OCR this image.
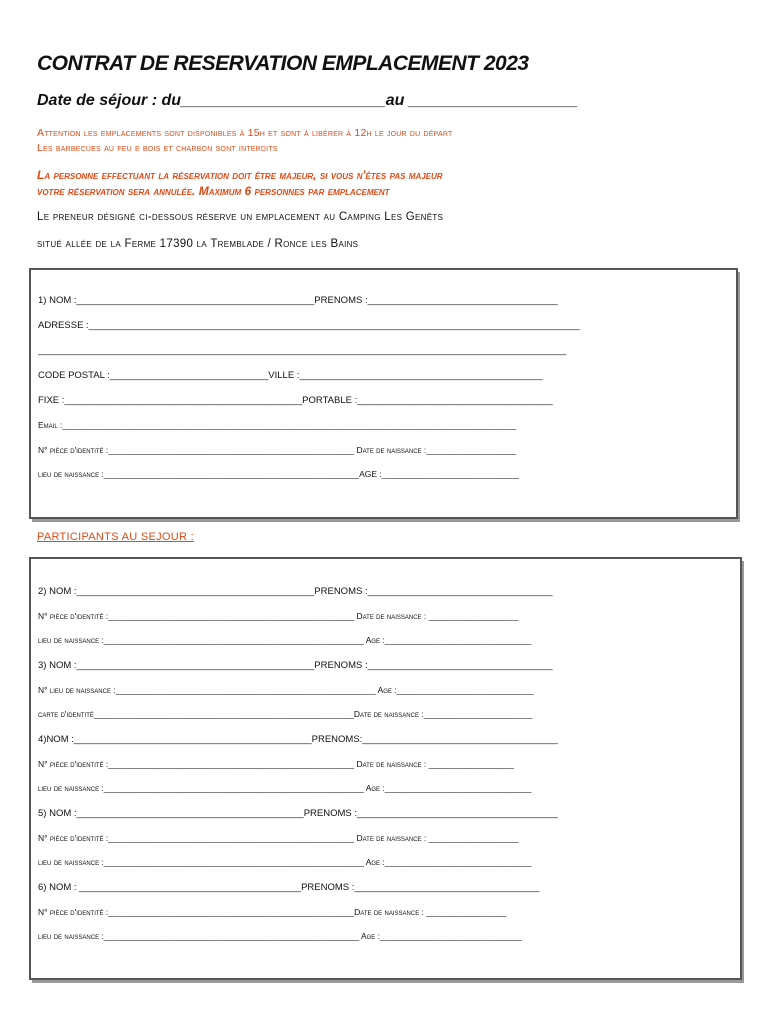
CONTRAT DE RESERVATION EMPLACEMENT 2023
Date de séjour : du_______________________au ___________________
Attention les emplacements sont disponibles à 15h et sont à libérer à 12h le jour du départ
Les barbecues au feu e bois et charbon sont interdits
La personne effectuant la réservation doit être majeur, si vous n'êtes pas majeur
votre réservation sera annulée. Maximum 6 personnes par emplacement
Le preneur désigné ci-dessous réserve un emplacement au Camping Les Genêts
situé allée de la Ferme 17390 la Tremblade / Ronce les Bains
1) NOM :_____________________________________________PRENOMS :____________________________________
ADRESSE :_____________________________________________________________________________________________
____________________________________________________________________________________________________
CODE POSTAL :______________________________VILLE :______________________________________________
FIXE :_____________________________________________PORTABLE :_____________________________________
Email :________________________________________________________________________________________________
N° pièce d'identité :____________________________________________________ Date de naissance :___________________
lieu de naissance :______________________________________________________AGE :_____________________________
PARTICIPANTS AU SEJOUR :
2) NOM :_____________________________________________PRENOMS :___________________________________
N° pièce d'identité :____________________________________________________ Date de naissance : ___________________
lieu de naissance :_______________________________________________________ Age :_______________________________
3) NOM :_____________________________________________PRENOMS :___________________________________
N° lieu de naissance :_______________________________________________________ Age :_____________________________
carte d'identité_______________________________________________________Date de naissance :_______________________
4)NOM :_____________________________________________PRENOMS:_____________________________________
N° pièce d'identité :____________________________________________________ Date de naissance : __________________
lieu de naissance :_______________________________________________________ Age :_______________________________
5) NOM :___________________________________________PRENOMS :______________________________________
N° pièce d'identité :____________________________________________________ Date de naissance : ___________________
lieu de naissance :_______________________________________________________ Age :_______________________________
6) NOM : __________________________________________PRENOMS :___________________________________
N° pièce d'identité :____________________________________________________Date de naissance : _________________
lieu de naissance :______________________________________________________ Age :______________________________
